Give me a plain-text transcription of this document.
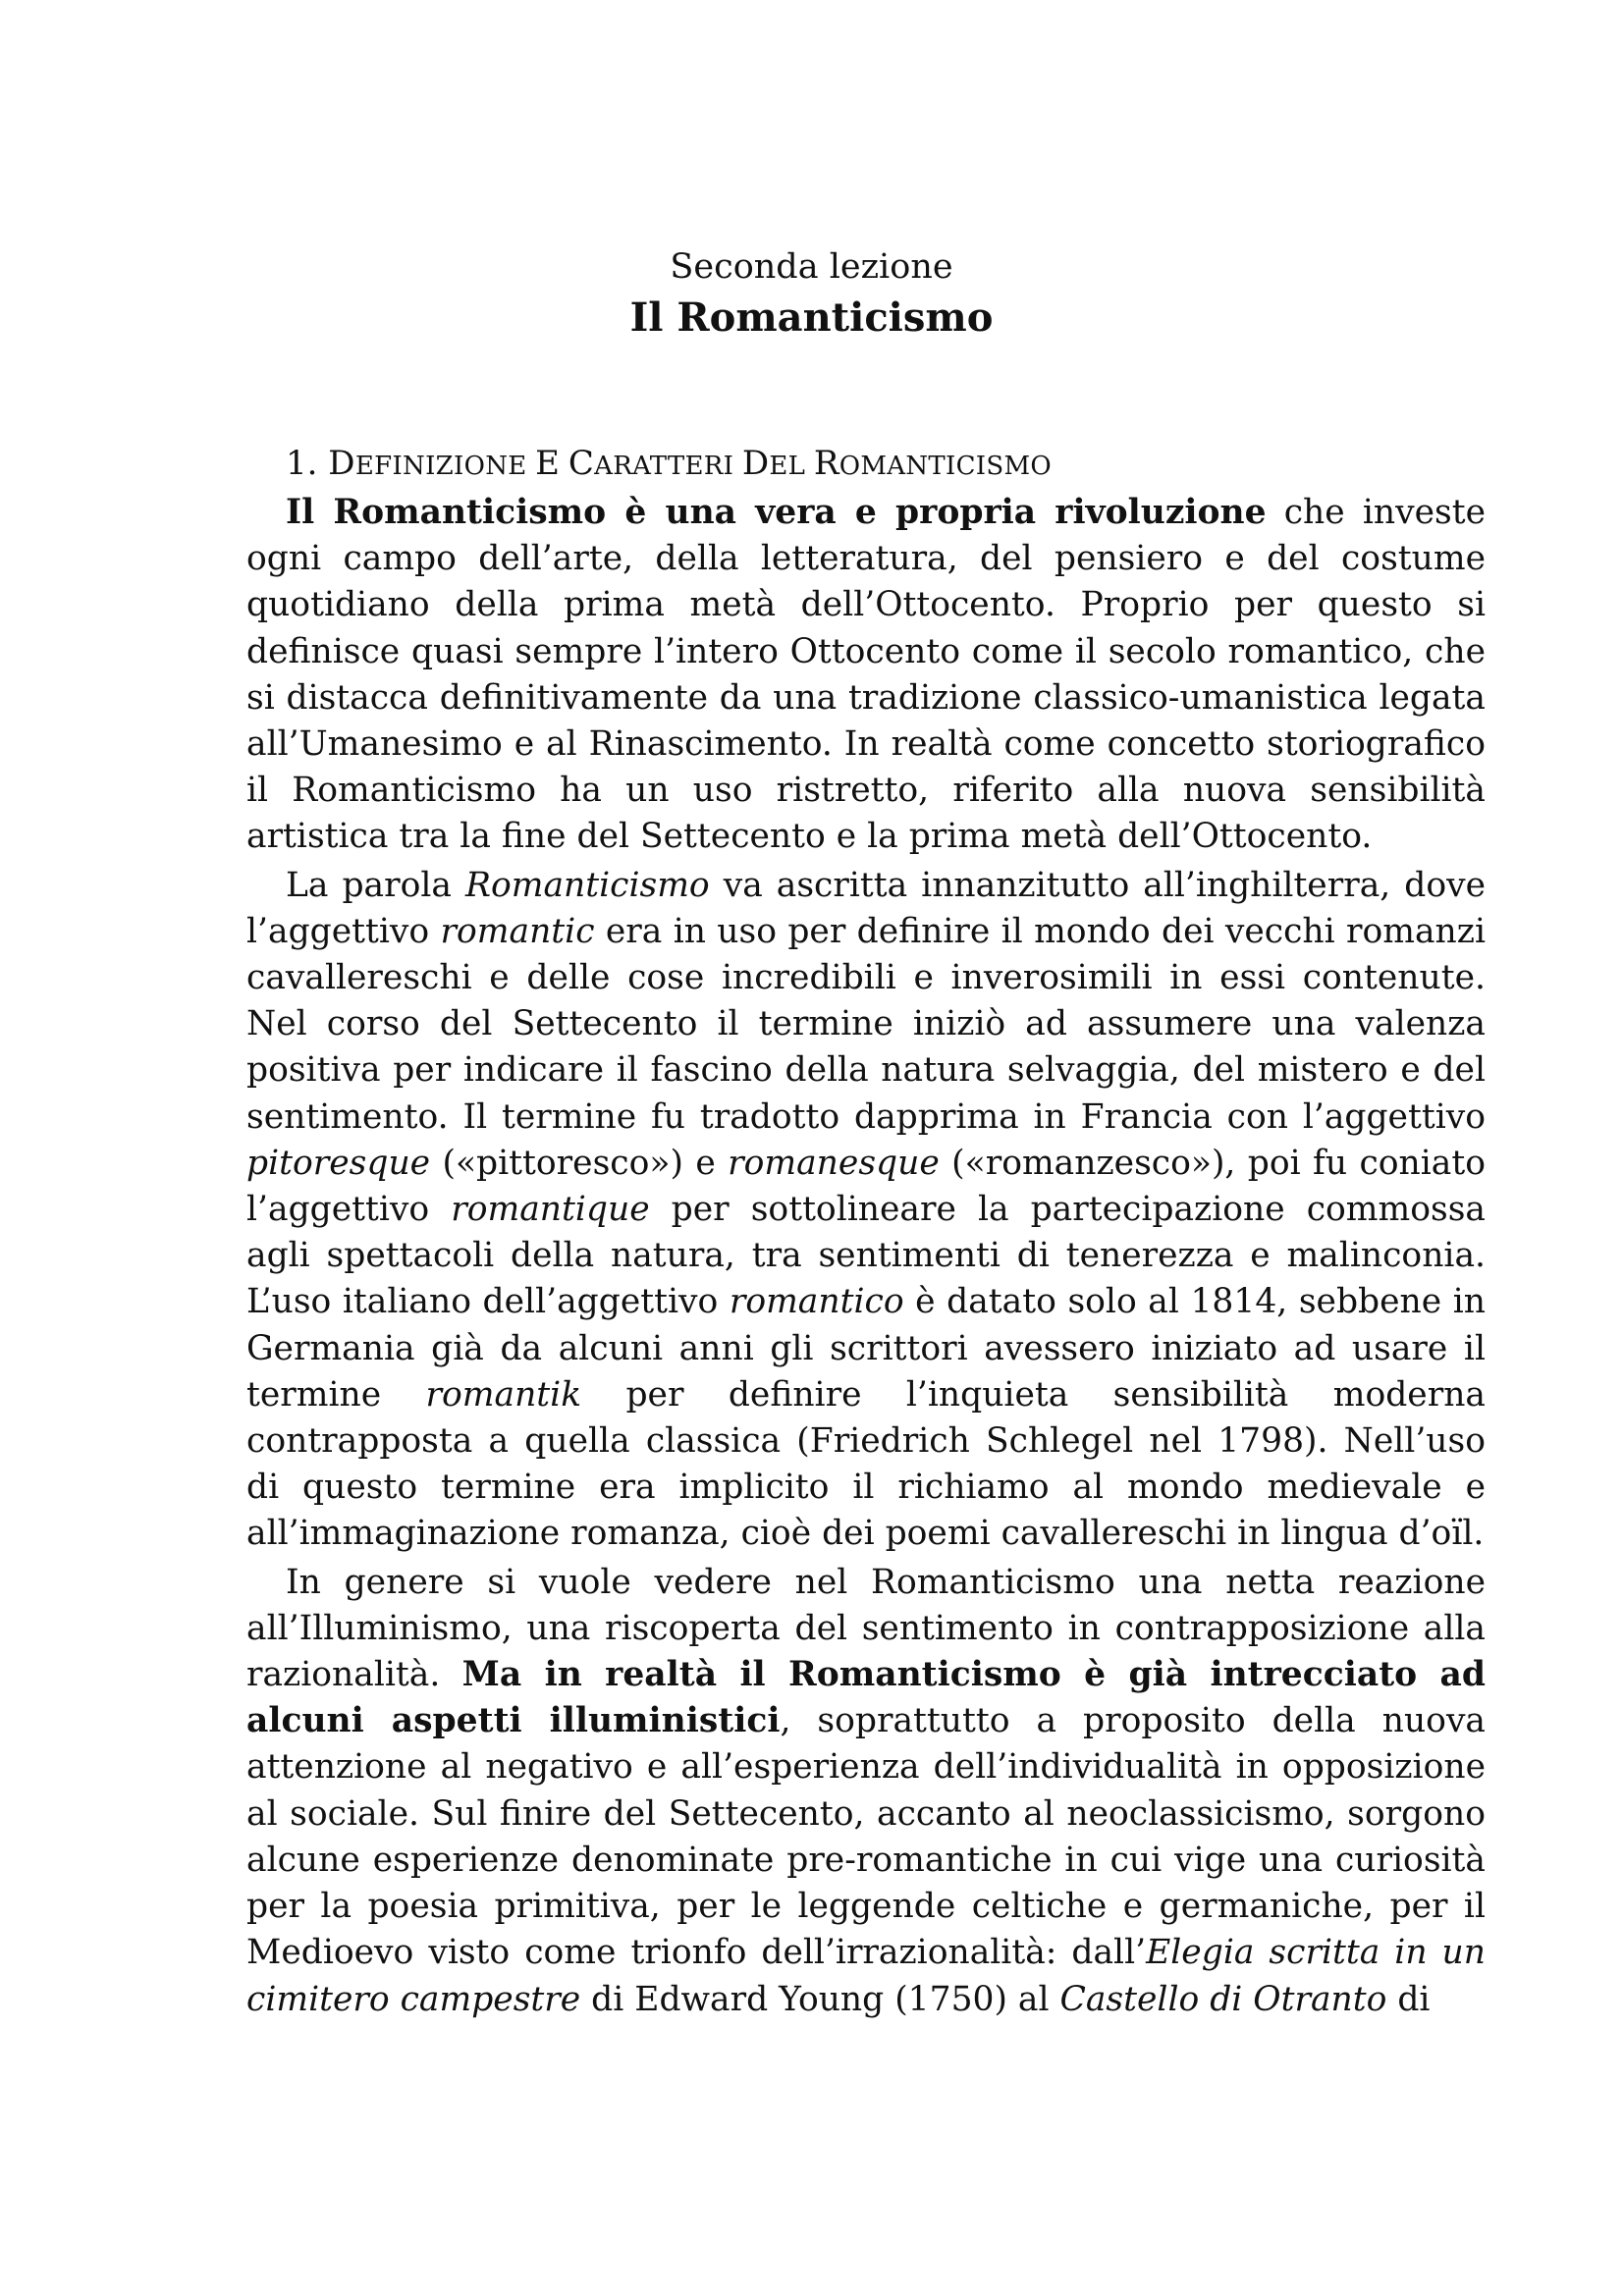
Seconda lezione
Il Romanticismo
1. DEFINIZIONE E CARATTERI DEL ROMANTICISMO

Il Romanticismo è una vera e propria rivoluzione che investe ogni campo dell’arte, della letteratura, del pensiero e del costume quotidiano della prima metà dell’Ottocento. Proprio per questo si definisce quasi sempre l’intero Ottocento come il secolo romantico, che si distacca definitivamente da una tradizione classico-umanistica legata all’Umanesimo e al Rinascimento. In realtà come concetto storiografico il Romanticismo ha un uso ristretto, riferito alla nuova sensibilità artistica tra la fine del Settecento e la prima metà dell’Ottocento.

La parola Romanticismo va ascritta innanzitutto all’inghilterra, dove l’aggettivo romantic era in uso per definire il mondo dei vecchi romanzi cavallereschi e delle cose incredibili e inverosimili in essi contenute. Nel corso del Settecento il termine iniziò ad assumere una valenza positiva per indicare il fascino della natura selvaggia, del mistero e del sentimento. Il termine fu tradotto dapprima in Francia con l’aggettivo pitoresque («pittoresco») e romanesque («romanzesco»), poi fu coniato l’aggettivo romantique per sottolineare la partecipazione commossa agli spettacoli della natura, tra sentimenti di tenerezza e malinconia. L’uso italiano dell’aggettivo romantico è datato solo al 1814, sebbene in Germania già da alcuni anni gli scrittori avessero iniziato ad usare il termine romantik per definire l’inquieta sensibilità moderna contrapposta a quella classica (Friedrich Schlegel nel 1798). Nell’uso di questo termine era implicito il richiamo al mondo medievale e all’immaginazione romanza, cioè dei poemi cavallereschi in lingua d’oïl.

In genere si vuole vedere nel Romanticismo una netta reazione all’Illuminismo, una riscoperta del sentimento in contrapposizione alla razionalità. Ma in realtà il Romanticismo è già intrecciato ad alcuni aspetti illuministici, soprattutto a proposito della nuova attenzione al negativo e all’esperienza dell’individualità in opposizione al sociale. Sul finire del Settecento, accanto al neoclassicismo, sorgono alcune esperienze denominate pre-romantiche in cui vige una curiosità per la poesia primitiva, per le leggende celtiche e germaniche, per il Medioevo visto come trionfo dell’irrazionalità: dall’Elegia scritta in un cimitero campestre di Edward Young (1750) al Castello di Otranto di
